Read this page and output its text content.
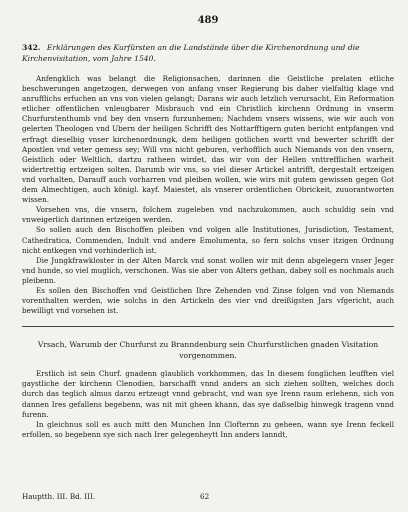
489
342. Erklärungen des Kurfürsten an die Landstände über die Kirchenordnung und die Kirchenvisitation, vom Jahre 1540.

Anfengklich was belangt die Religionsachen, darinnen die Geistliche prelaten etliche beschwerungen angetzogen, derwegen von anfang vnser Regierung bis daher vielfaltig klage vnd anrufflichs erfuchen an vns von vielen gelangt; Darans wir auch letzlich verursacht, Ein Reformation etlicher offentlichen vnleugbarer Misbrauch vnd ein Christlich kirchenn Ordnung in vnserm Churfurstenthumb vnd bey den vnsern furzunhemen; Nachdem vnsers wissens, wie wir auch von gelerten Theologen vnd Ubern der heiligen Schrifft des Nottarfftigern guten bericht entpfangen vnd erfragt dieselbig vnser kirchenordnungk, dem heiligen gotlichen wortt vnd bewerter schrifft der Apostlen vnd veter gemess sey; Will vns nicht geburen, verhofflich auch Niemands von den vnsern, Geistlich oder Weltlich, dartzu ratheen wirdet, das wir von der Hellen vnttrefflichen warheit widertrettig ertzeigen solten. Darumb wir vns, so viel dieser Artickel antrifft, dergestalt ertzeigen vnd vorhalten, Darauff auch vorharren vnd pleiben wollen, wie wirs mit gutem gewissen gegen Got dem Almechtigen, auch königl. kayf. Maiestet, als vnserer ordentlichen Obrickeit, zuuorantworten wissen.

Vorsehen vns, die vnsern, folchem zugeleben vnd nachzukommen, auch schuldig sein vnd vnweigerlich darinnen ertzeigen werden.

So sollen auch den Bischoffen pleiben vnd volgen alle Institutiones, Jurisdiction, Testament, Cathedratica, Commenden, Indult vnd andere Emolumenta, so fern solchs vnser itzigen Ordnung nicht entkegen vnd vorhinderlich ist.

Die Jungkfrawkloster in der Alten Marck vnd sonst wollen wir mit denn abgelegern vnser Jeger vnd hunde, so viel muglich, verschonen. Was sie aber von Alters gethan, dabey soll es nochmals auch pleibenn.

Es sollen den Bischoffen vnd Geistlichen Ihre Zehenden vnd Zinse folgen vnd von Niemands vorenthalten werden, wie solchs in den Artickeln des vier vnd dreißigsten Jars vfgericht, auch bewilligt vnd vorsehen ist.

Vrsach, Warumb der Churfurst zu Branndenburg sein Churfurstlichen gnaden Visitation vorgenommen.

Erstlich ist sein Churf. gnadenn glaublich vorkhommen, das In diesem fonglichen leufften viel gaystliche der kirchenn Clenodien, barschafft vnnd anders an sich ziehen sollten, welches doch durch das teglich almus darzu ertzeugt vnnd gebracht, vnd wan sye Irenn raum erlehenn, sich von dannen Ires gefallens begebenn, was nit mit gheen khann, das sye daßselbig hinwegk tragenn vnnd furenn.

In gleichnus soll es auch mitt den Munchen Inn Clofternn zu geheen, wann sye Irenn feckell erfollen, so begebenn sye sich nach Irer gelegenheytt Inn anders lanndt,

Hauptth. III. Bd. III.	62
